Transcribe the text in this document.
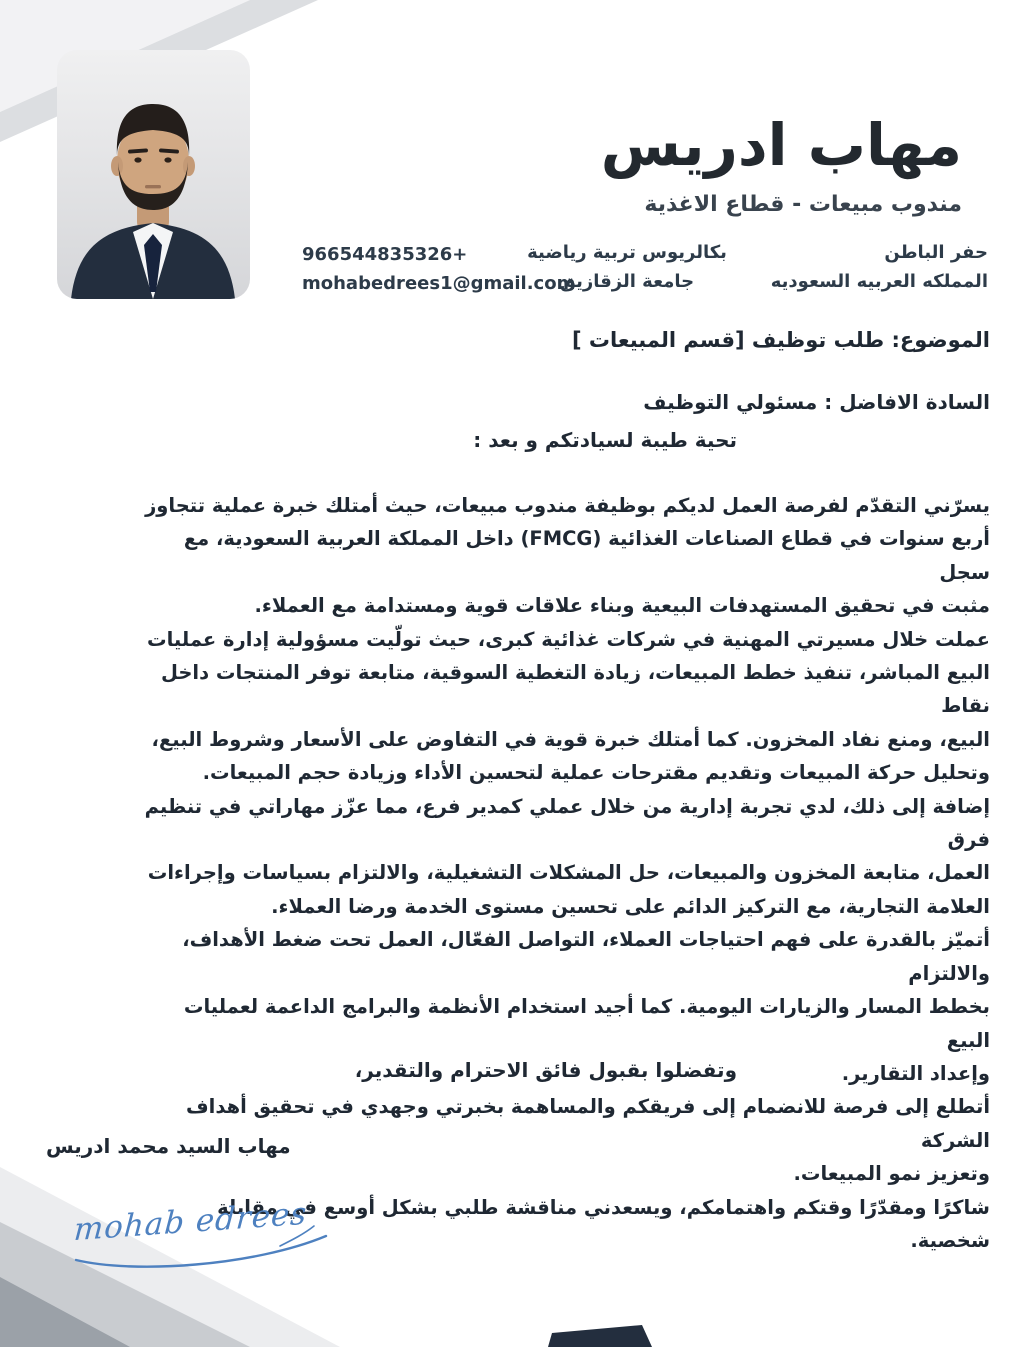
مهاب ادريس
مندوب مبيعات - قطاع الاغذية
حفر الباطن
المملكه العربيه السعوديه
بكالريوس تربية رياضية
جامعة الزقازيق
+966544835326
mohabedrees1@gmail.com
الموضوع: طلب توظيف [قسم المبيعات ]
السادة الافاضل : مسئولي التوظيف
تحية طيبة لسيادتكم و بعد :
يسرّني التقدّم لفرصة العمل لديكم بوظيفة مندوب مبيعات، حيث أمتلك خبرة عملية تتجاوز
أربع سنوات في قطاع الصناعات الغذائية (FMCG) داخل المملكة العربية السعودية، مع سجل
مثبت في تحقيق المستهدفات البيعية وبناء علاقات قوية ومستدامة مع العملاء.
عملت خلال مسيرتي المهنية في شركات غذائية كبرى، حيث تولّيت مسؤولية إدارة عمليات
البيع المباشر، تنفيذ خطط المبيعات، زيادة التغطية السوقية، متابعة توفر المنتجات داخل نقاط
البيع، ومنع نفاد المخزون. كما أمتلك خبرة قوية في التفاوض على الأسعار وشروط البيع،
وتحليل حركة المبيعات وتقديم مقترحات عملية لتحسين الأداء وزيادة حجم المبيعات.
إضافة إلى ذلك، لدي تجربة إدارية من خلال عملي كمدير فرع، مما عزّز مهاراتي في تنظيم فرق
العمل، متابعة المخزون والمبيعات، حل المشكلات التشغيلية، والالتزام بسياسات وإجراءات
العلامة التجارية، مع التركيز الدائم على تحسين مستوى الخدمة ورضا العملاء.
أتميّز بالقدرة على فهم احتياجات العملاء، التواصل الفعّال، العمل تحت ضغط الأهداف، والالتزام
بخطط المسار والزيارات اليومية. كما أجيد استخدام الأنظمة والبرامج الداعمة لعمليات البيع
وإعداد التقارير.
أتطلع إلى فرصة للانضمام إلى فريقكم والمساهمة بخبرتي وجهدي في تحقيق أهداف الشركة
وتعزيز نمو المبيعات.
شاكرًا ومقدّرًا وقتكم واهتمامكم، ويسعدني مناقشة طلبي بشكل أوسع في مقابلة شخصية.
وتفضلوا بقبول فائق الاحترام والتقدير،
مهاب السيد محمد ادريس
mohab edrees
